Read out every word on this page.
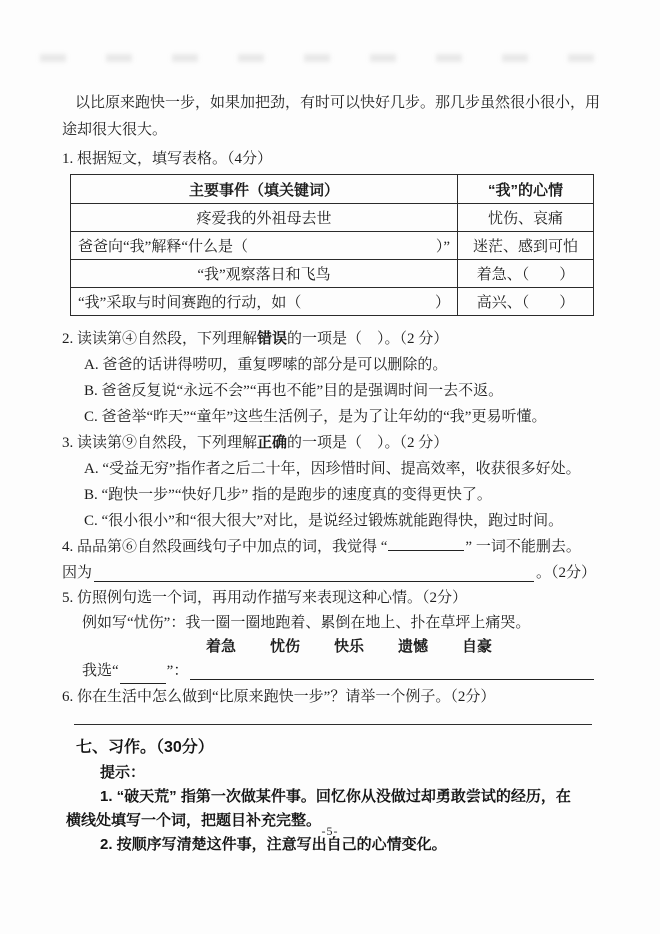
以比原来跑快一步，如果加把劲，有时可以快好几步。那几步虽然很小很小，用
途却很大很大。
1. 根据短文，填写表格。（4分）
主要事件（填关键词）	“我”的心情
疼爱我的外祖母去世	忧伤、哀痛

爸爸向“我”解释“什么是（ ）”	迷茫、感到可怕
“我”观察落日和飞鸟	着急、（　　）

“我”采取与时间赛跑的行动，如（ ）	高兴、（　　）
2. 读读第④自然段，下列理解错误的一项是（　）。（2 分）
A. 爸爸的话讲得唠叨，重复啰嗦的部分是可以删除的。
B. 爸爸反复说“永远不会”“再也不能”目的是强调时间一去不返。
C. 爸爸举“昨天”“童年”这些生活例子，是为了让年幼的“我”更易听懂。
3. 读读第⑨自然段，下列理解正确的一项是（　）。（2 分）
A. “受益无穷”指作者之后二十年，因珍惜时间、提高效率，收获很多好处。
B. “跑快一步”“快好几步” 指的是跑步的速度真的变得更快了。
C. “很小很小”和“很大很大”对比，是说经过锻炼就能跑得快，跑过时间。
4. 品品第⑥自然段画线句子中加点的词，我觉得 “	” 一词不能删去。
因为	。（2分）
5. 仿照例句选一个词，再用动作描写来表现这种心情。（2分）
例如写“忧伤”：我一圈一圈地跑着、累倒在地上、扑在草坪上痛哭。
着急 忧伤 快乐 遗憾 自豪
我选“	”：
6. 你在生活中怎么做到“比原来跑快一步”？请举一个例子。（2分）
七、习作。（30分）
提示：
1. “破天荒” 指第一次做某件事。回忆你从没做过却勇敢尝试的经历，在
横线处填写一个词，把题目补充完整。
2. 按顺序写清楚这件事，注意写出自己的心情变化。
-5-
